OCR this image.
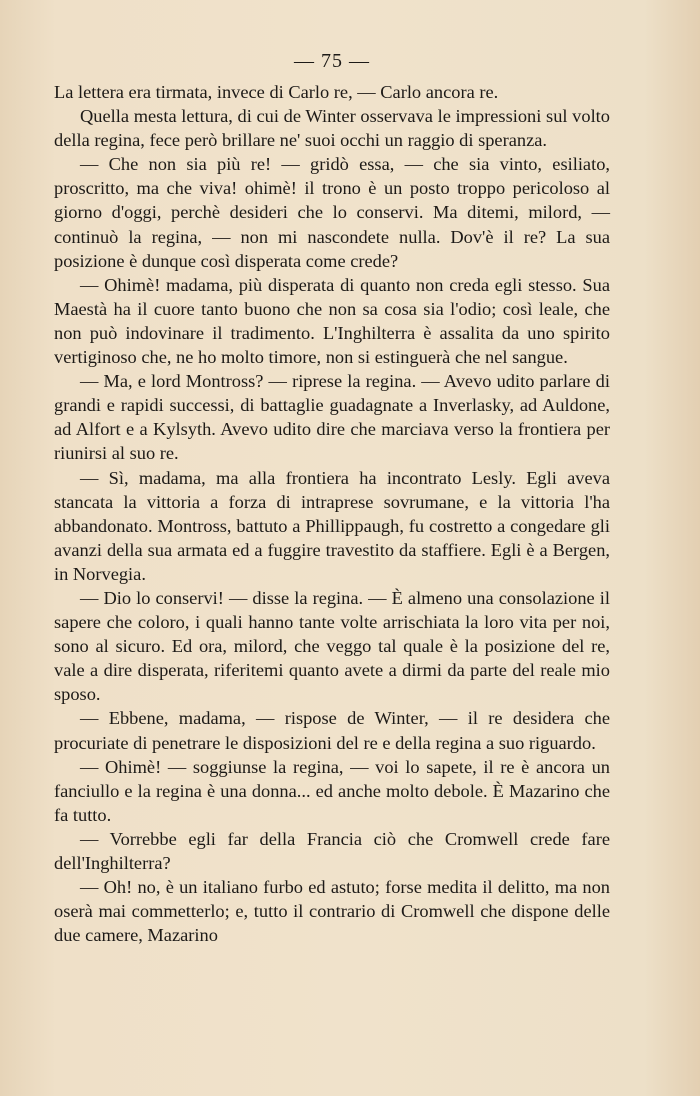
— 75 —

La lettera era tirmata, invece di Carlo re, — Carlo ancora re.

Quella mesta lettura, di cui de Winter osservava le impressioni sul volto della regina, fece però brillare ne' suoi occhi un raggio di speranza.

— Che non sia più re! — gridò essa, — che sia vinto, esiliato, proscritto, ma che viva! ohimè! il trono è un posto troppo pericoloso al giorno d'oggi, perchè desideri che lo conservi. Ma ditemi, milord, — continuò la regina, — non mi nascondete nulla. Dov'è il re? La sua posizione è dunque così disperata come crede?

— Ohimè! madama, più disperata di quanto non creda egli stesso. Sua Maestà ha il cuore tanto buono che non sa cosa sia l'odio; così leale, che non può indovinare il tradimento. L'Inghilterra è assalita da uno spirito vertiginoso che, ne ho molto timore, non si estinguerà che nel sangue.

— Ma, e lord Montross? — riprese la regina. — Avevo udito parlare di grandi e rapidi successi, di battaglie guadagnate a Inverlasky, ad Auldone, ad Alfort e a Kylsyth. Avevo udito dire che marciava verso la frontiera per riunirsi al suo re.

— Sì, madama, ma alla frontiera ha incontrato Lesly. Egli aveva stancata la vittoria a forza di intraprese sovrumane, e la vittoria l'ha abbandonato. Montross, battuto a Phillippaugh, fu costretto a congedare gli avanzi della sua armata ed a fuggire travestito da staffiere. Egli è a Bergen, in Norvegia.

— Dio lo conservi! — disse la regina. — È almeno una consolazione il sapere che coloro, i quali hanno tante volte arrischiata la loro vita per noi, sono al sicuro. Ed ora, milord, che veggo tal quale è la posizione del re, vale a dire disperata, riferitemi quanto avete a dirmi da parte del reale mio sposo.

— Ebbene, madama, — rispose de Winter, — il re desidera che procuriate di penetrare le disposizioni del re e della regina a suo riguardo.

— Ohimè! — soggiunse la regina, — voi lo sapete, il re è ancora un fanciullo e la regina è una donna... ed anche molto debole. È Mazarino che fa tutto.

— Vorrebbe egli far della Francia ciò che Cromwell crede fare dell'Inghilterra?

— Oh! no, è un italiano furbo ed astuto; forse medita il delitto, ma non oserà mai commetterlo; e, tutto il contrario di Cromwell che dispone delle due camere, Mazarino
